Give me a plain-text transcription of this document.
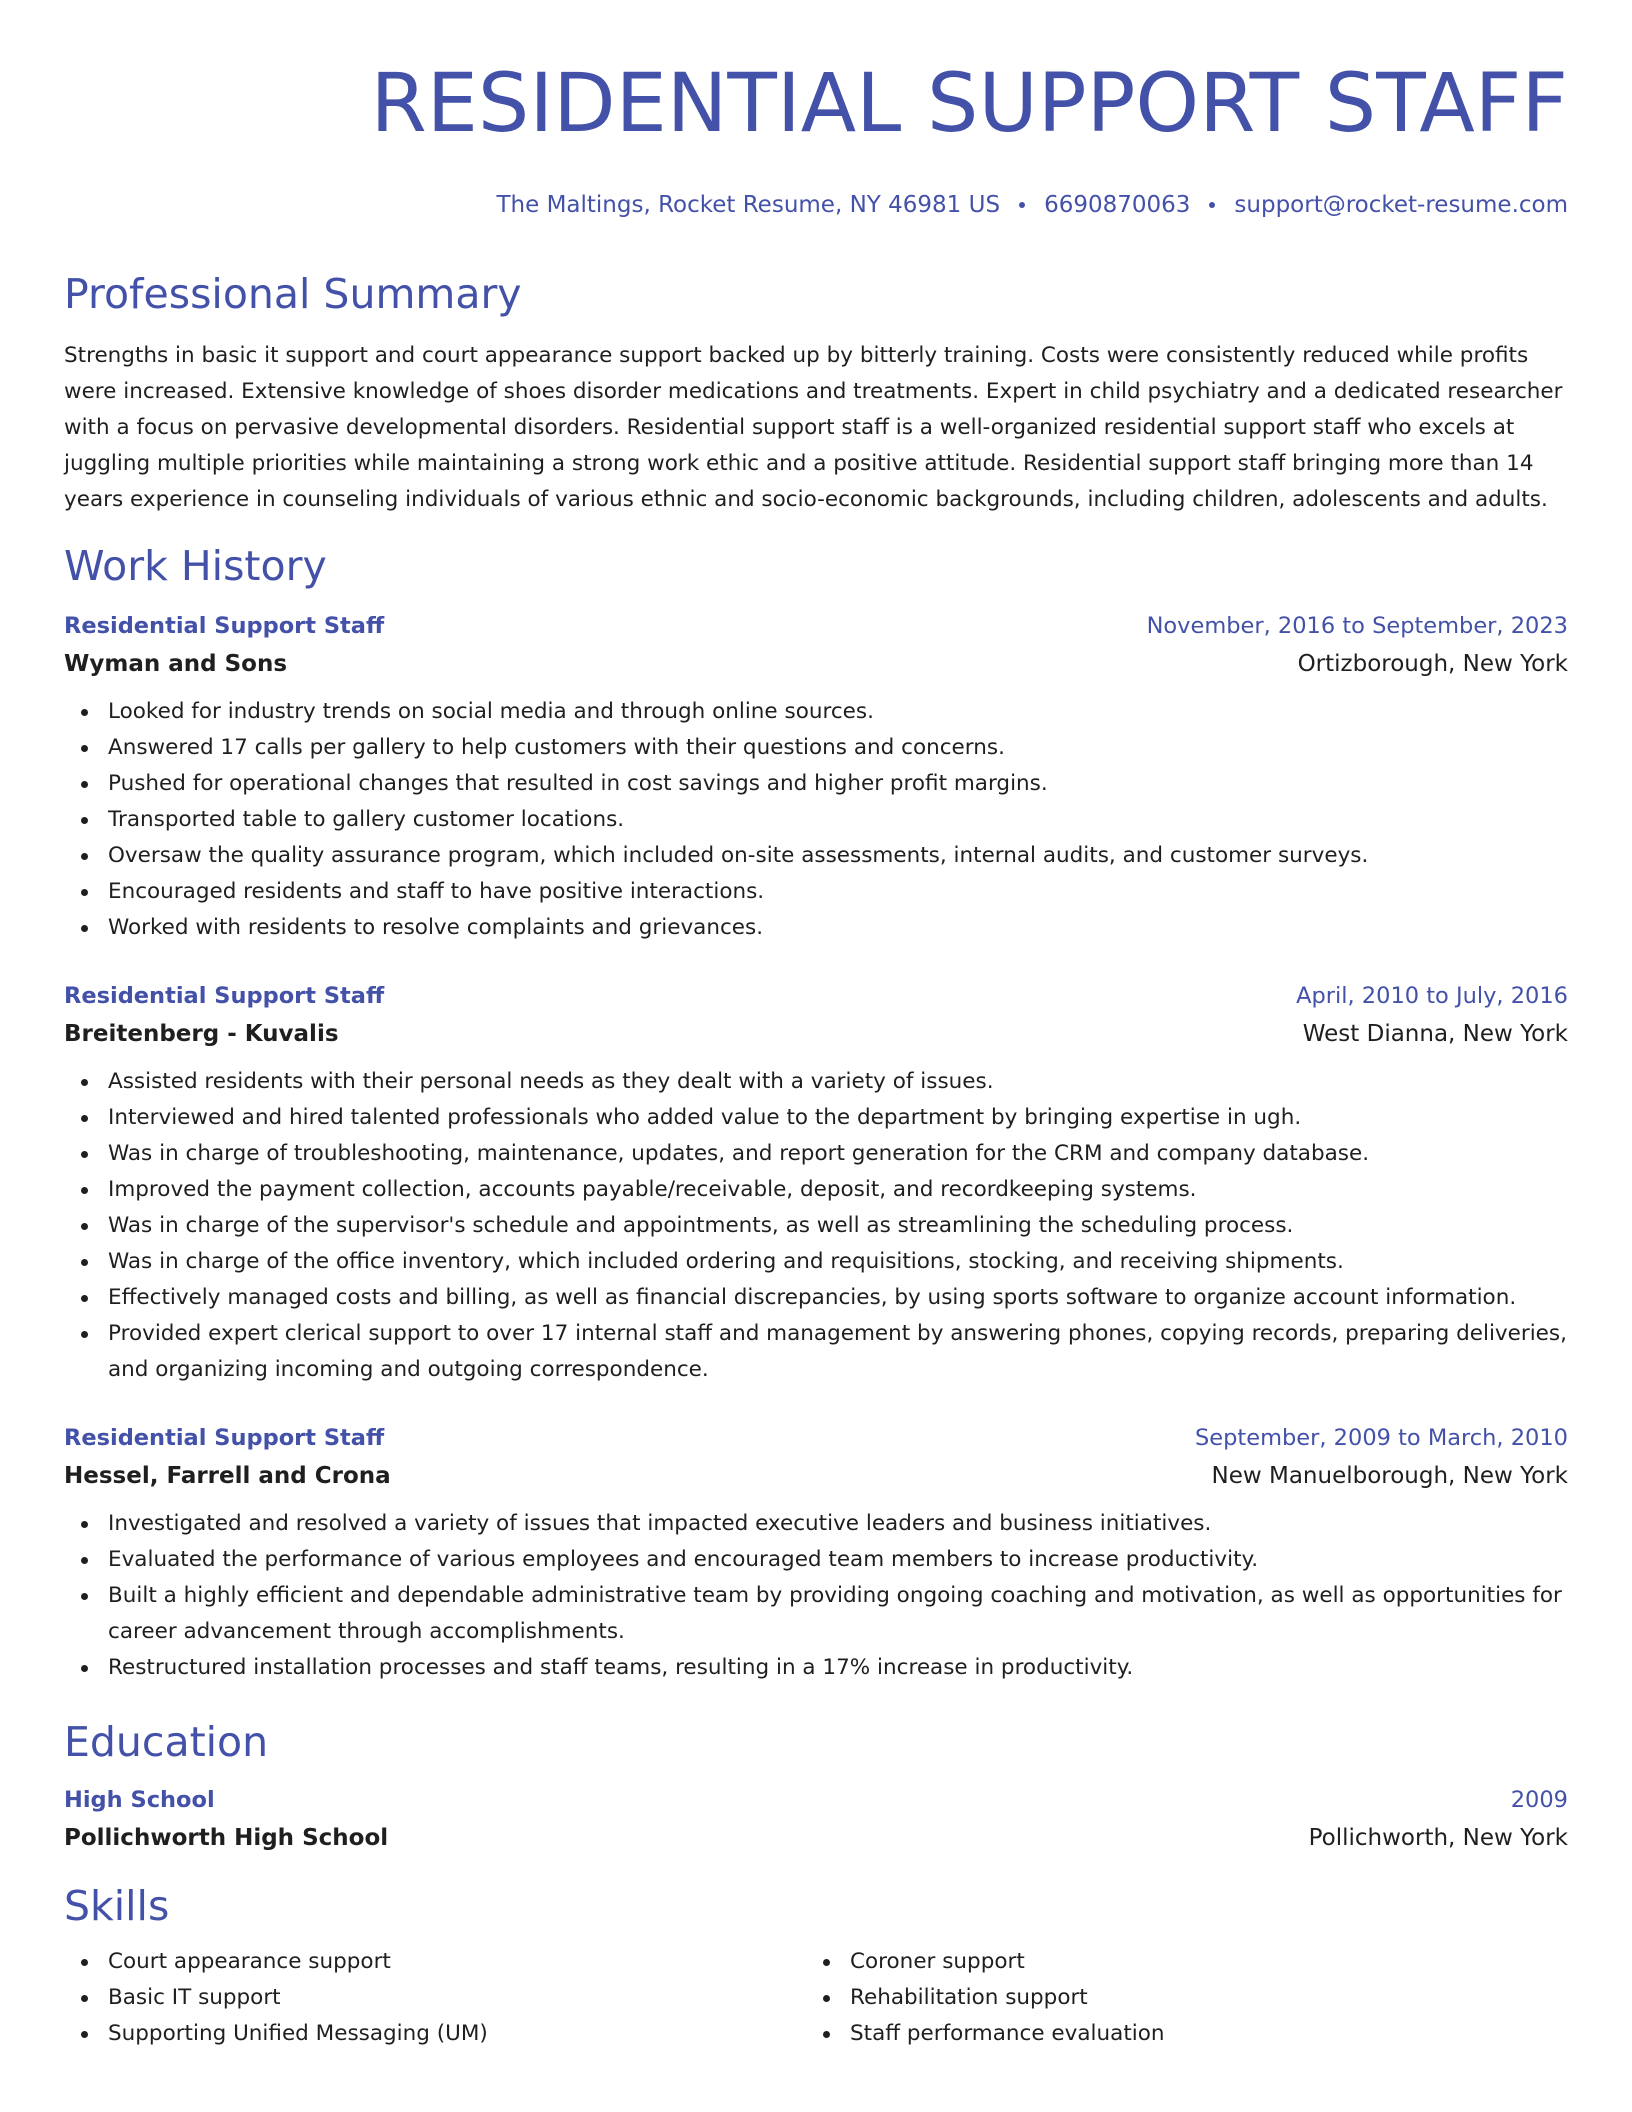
RESIDENTIAL SUPPORT STAFF
The Maltings, Rocket Resume, NY 46981 US 6690870063 support@rocket-resume.com
Professional Summary

Strengths in basic it support and court appearance support backed up by bitterly training. Costs were consistently reduced while profits were increased. Extensive knowledge of shoes disorder medications and treatments. Expert in child psychiatry and a dedicated researcher with a focus on pervasive developmental disorders. Residential support staff is a well-organized residential support staff who excels at juggling multiple priorities while maintaining a strong work ethic and a positive attitude. Residential support staff bringing more than 14 years experience in counseling individuals of various ethnic and socio-economic backgrounds, including children, adolescents and adults.

Work History
Residential Support Staff	November, 2016 to September, 2023
Wyman and Sons	Ortizborough, New York
Looked for industry trends on social media and through online sources.
Answered 17 calls per gallery to help customers with their questions and concerns.
Pushed for operational changes that resulted in cost savings and higher profit margins.
Transported table to gallery customer locations.
Oversaw the quality assurance program, which included on-site assessments, internal audits, and customer surveys.
Encouraged residents and staff to have positive interactions.
Worked with residents to resolve complaints and grievances.
Residential Support Staff	April, 2010 to July, 2016
Breitenberg - Kuvalis	West Dianna, New York
Assisted residents with their personal needs as they dealt with a variety of issues.
Interviewed and hired talented professionals who added value to the department by bringing expertise in ugh.
Was in charge of troubleshooting, maintenance, updates, and report generation for the CRM and company database.
Improved the payment collection, accounts payable/receivable, deposit, and recordkeeping systems.
Was in charge of the supervisor's schedule and appointments, as well as streamlining the scheduling process.
Was in charge of the office inventory, which included ordering and requisitions, stocking, and receiving shipments.
Effectively managed costs and billing, as well as financial discrepancies, by using sports software to organize account information.
Provided expert clerical support to over 17 internal staff and management by answering phones, copying records, preparing deliveries, and organizing incoming and outgoing correspondence.
Residential Support Staff	September, 2009 to March, 2010
Hessel, Farrell and Crona	New Manuelborough, New York
Investigated and resolved a variety of issues that impacted executive leaders and business initiatives.
Evaluated the performance of various employees and encouraged team members to increase productivity.
Built a highly efficient and dependable administrative team by providing ongoing coaching and motivation, as well as opportunities for career advancement through accomplishments.
Restructured installation processes and staff teams, resulting in a 17% increase in productivity.
Education
High School	2009
Pollichworth High School	Pollichworth, New York
Skills
Court appearance support
Basic IT support
Supporting Unified Messaging (UM)
Coroner support
Rehabilitation support
Staff performance evaluation
